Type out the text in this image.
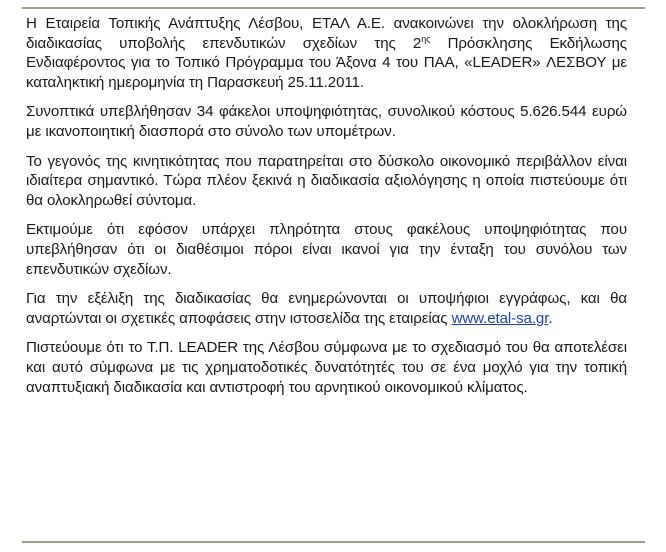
Η Εταιρεία Τοπικής Ανάπτυξης Λέσβου, ΕΤΑΛ Α.Ε. ανακοινώνει την ολοκλήρωση της διαδικασίας υποβολής επενδυτικών σχεδίων της $2^{\eta\varsigma}$ Πρόσκλησης Εκδήλωσης Ενδιαφέροντος για το Τοπικό Πρόγραμμα του Άξονα 4 του ΠΑΑ, «LEADER» ΛΕΣΒΟΥ με καταληκτική ημερομηνία τη Παρασκευή 25.11.2011.

Συνοπτικά υπεβλήθησαν 34 φάκελοι υποψηφιότητας, συνολικού κόστους 5.626.544 ευρώ με ικανοποιητική διασπορά στο σύνολο των υπομέτρων.

Το γεγονός της κινητικότητας που παρατηρείται στο δύσκολο οικονομικό περιβάλλον είναι ιδιαίτερα σημαντικό. Τώρα πλέον ξεκινά η διαδικασία αξιολόγησης η οποία πιστεύουμε ότι θα ολοκληρωθεί σύντομα.

Εκτιμούμε ότι εφόσον υπάρχει πληρότητα στους φακέλους υποψηφιότητας που υπεβλήθησαν ότι οι διαθέσιμοι πόροι είναι ικανοί για την ένταξη του συνόλου των επενδυτικών σχεδίων.

Για την εξέλιξη της διαδικασίας θα ενημερώνονται οι υποψήφιοι εγγράφως, και θα αναρτώνται οι σχετικές αποφάσεις στην ιστοσελίδα της εταιρείας www.etal-sa.gr.

Πιστεύουμε ότι το Τ.Π. LEADER της Λέσβου σύμφωνα με το σχεδιασμό του θα αποτελέσει και αυτό σύμφωνα με τις χρηματοδοτικές δυνατότητές του σε ένα μοχλό για την τοπική αναπτυξιακή διαδικασία και αντιστροφή του αρνητικού οικονομικού κλίματος.
